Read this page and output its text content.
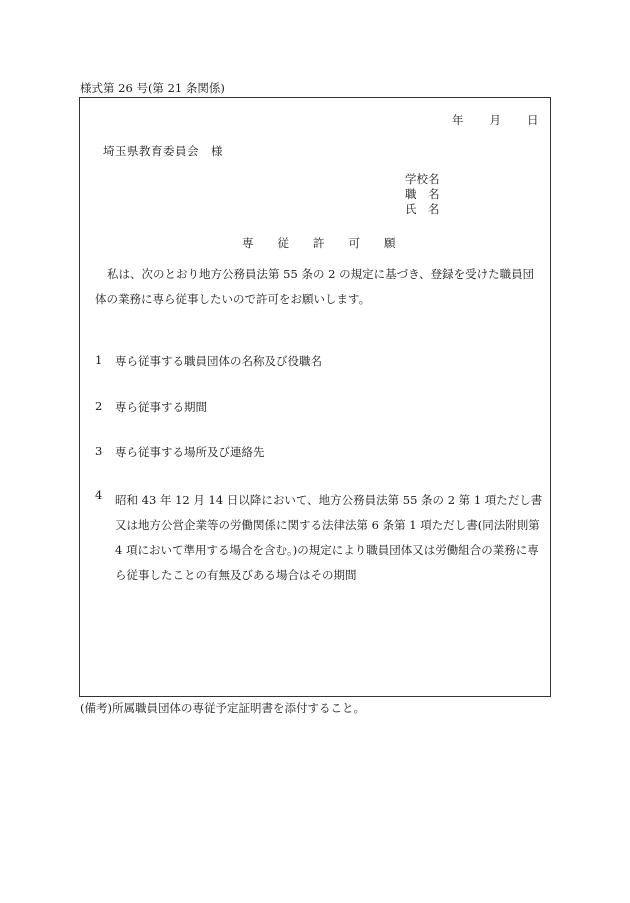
様式第 26 号(第 21 条関係)
年 月 日
埼玉県教育委員会　様
学校名
職　名
氏　名
専従許可願
私は、次のとおり地方公務員法第 55 条の 2 の規定に基づき、登録を受けた職員団体の業務に専ら従事したいので許可をお願いします。
1 専ら従事する職員団体の名称及び役職名
2 専ら従事する期間
3 専ら従事する場所及び連絡先
4 昭和 43 年 12 月 14 日以降において、地方公務員法第 55 条の 2 第 1 項ただし書又は地方公営企業等の労働関係に関する法律法第 6 条第 1 項ただし書(同法附則第 4 項において準用する場合を含む。)の規定により職員団体又は労働組合の業務に専ら従事したことの有無及びある場合はその期間
(備考)所属職員団体の専従予定証明書を添付すること。
